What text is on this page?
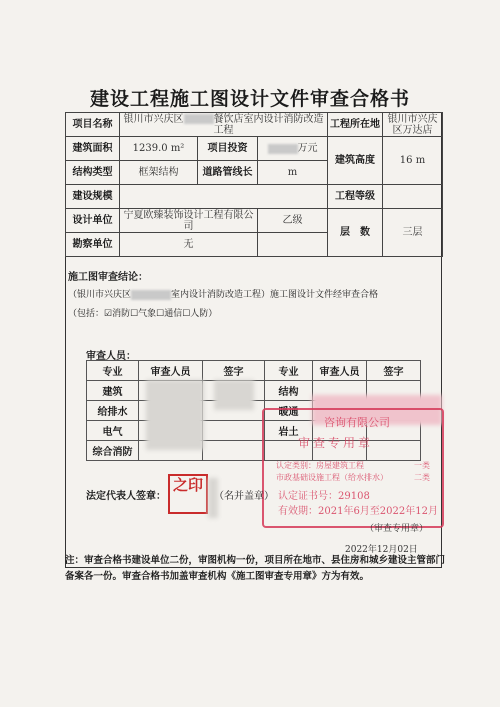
建设工程施工图设计文件审查合格书
项目名称	银川市兴庆区 餐饮店室内设计消防改造工程			工程所在地	银川市兴庆区万达店
建筑面积	1239.0 m²	项目投资	万元	建筑高度	16 m
结构类型	框架结构	道路管线长	m		
建设规模				工程等级	
设计单位	宁夏欧臻装饰设计工程有限公司		乙级	层　数	三层
勘察单位	无				
施工图审查结论：
（银川市兴庆区	室内设计消防改造工程）施工图设计文件经审查合格
（包括：☑消防☐气象☐通信☐人防）
审查人员：
专业	审查人员	签字	专业	审查人员	签字
建筑			结构		
给排水			暖通		
电气			岩土		
综合消防					
咨询有限公司
审查专用章
认定类别：房屋建筑工程	一类
市政基础设施工程（给水排水）	二类
认定证书号：29108
有效期：2021年6月至2022年12月
法定代表人签章：
之印
（名并盖章）
（审查专用章）
2022年12月02日
注：审查合格书建设单位二份，审图机构一份，项目所在地市、县住房和城乡建设主管部门备案各一份。审查合格书加盖审查机构《施工图审查专用章》方为有效。
